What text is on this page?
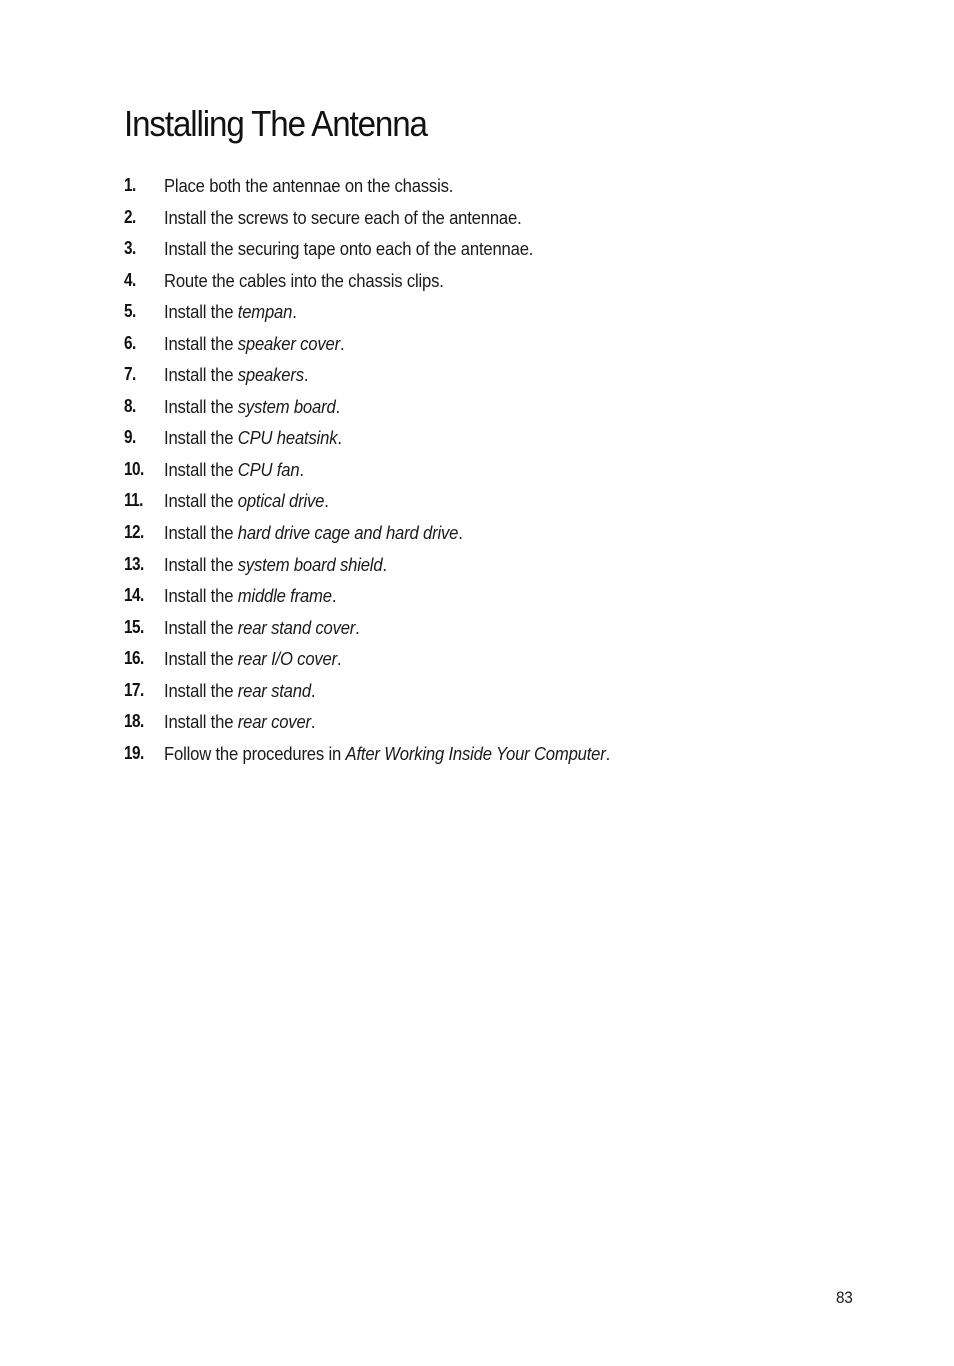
Installing The Antenna
1. Place both the antennae on the chassis.
2. Install the screws to secure each of the antennae.
3. Install the securing tape onto each of the antennae.
4. Route the cables into the chassis clips.
5. Install the tempan.
6. Install the speaker cover.
7. Install the speakers.
8. Install the system board.
9. Install the CPU heatsink.
10. Install the CPU fan.
11. Install the optical drive.
12. Install the hard drive cage and hard drive.
13. Install the system board shield.
14. Install the middle frame.
15. Install the rear stand cover.
16. Install the rear I/O cover.
17. Install the rear stand.
18. Install the rear cover.
19. Follow the procedures in After Working Inside Your Computer.
83
